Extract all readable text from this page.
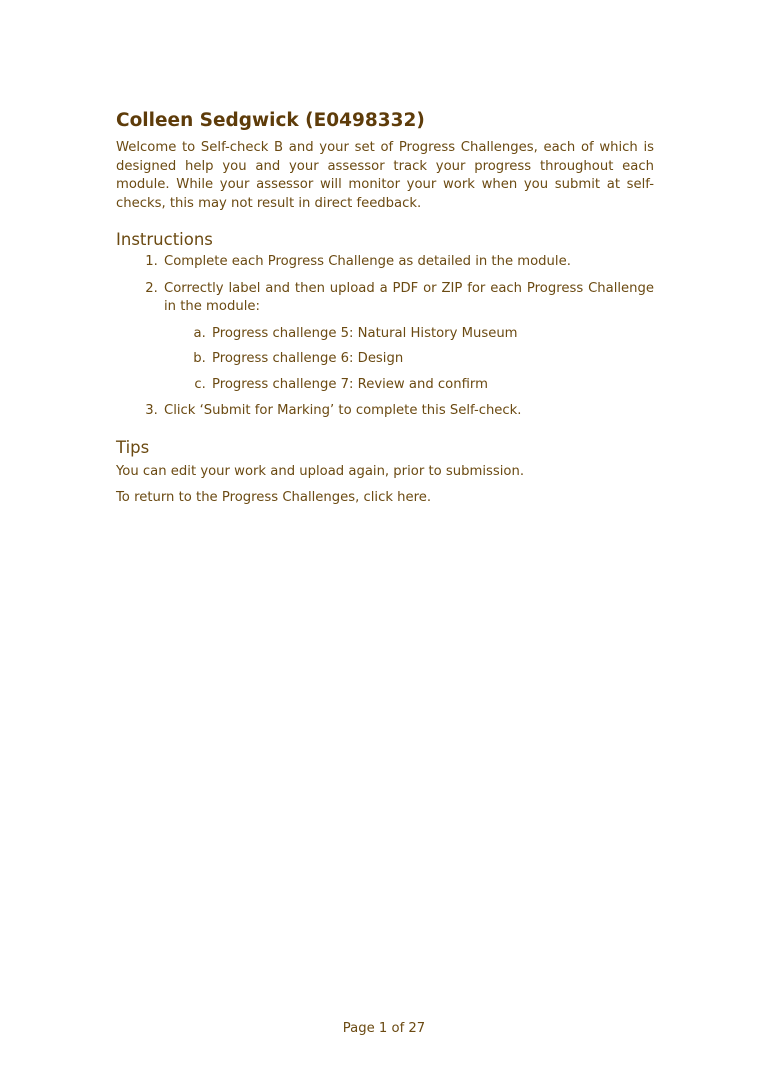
Colleen Sedgwick (E0498332)

Welcome to Self-check B and your set of Progress Challenges, each of which is designed help you and your assessor track your progress throughout each module. While your assessor will monitor your work when you submit at self-checks, this may not result in direct feedback.

Instructions
1. Complete each Progress Challenge as detailed in the module.
2. Correctly label and then upload a PDF or ZIP for each Progress Challenge in the module:
a. Progress challenge 5: Natural History Museum
b. Progress challenge 6: Design
c. Progress challenge 7: Review and confirm
3. Click ‘Submit for Marking’ to complete this Self-check.
Tips

You can edit your work and upload again, prior to submission.

To return to the Progress Challenges, click here.

Page 1 of 27
